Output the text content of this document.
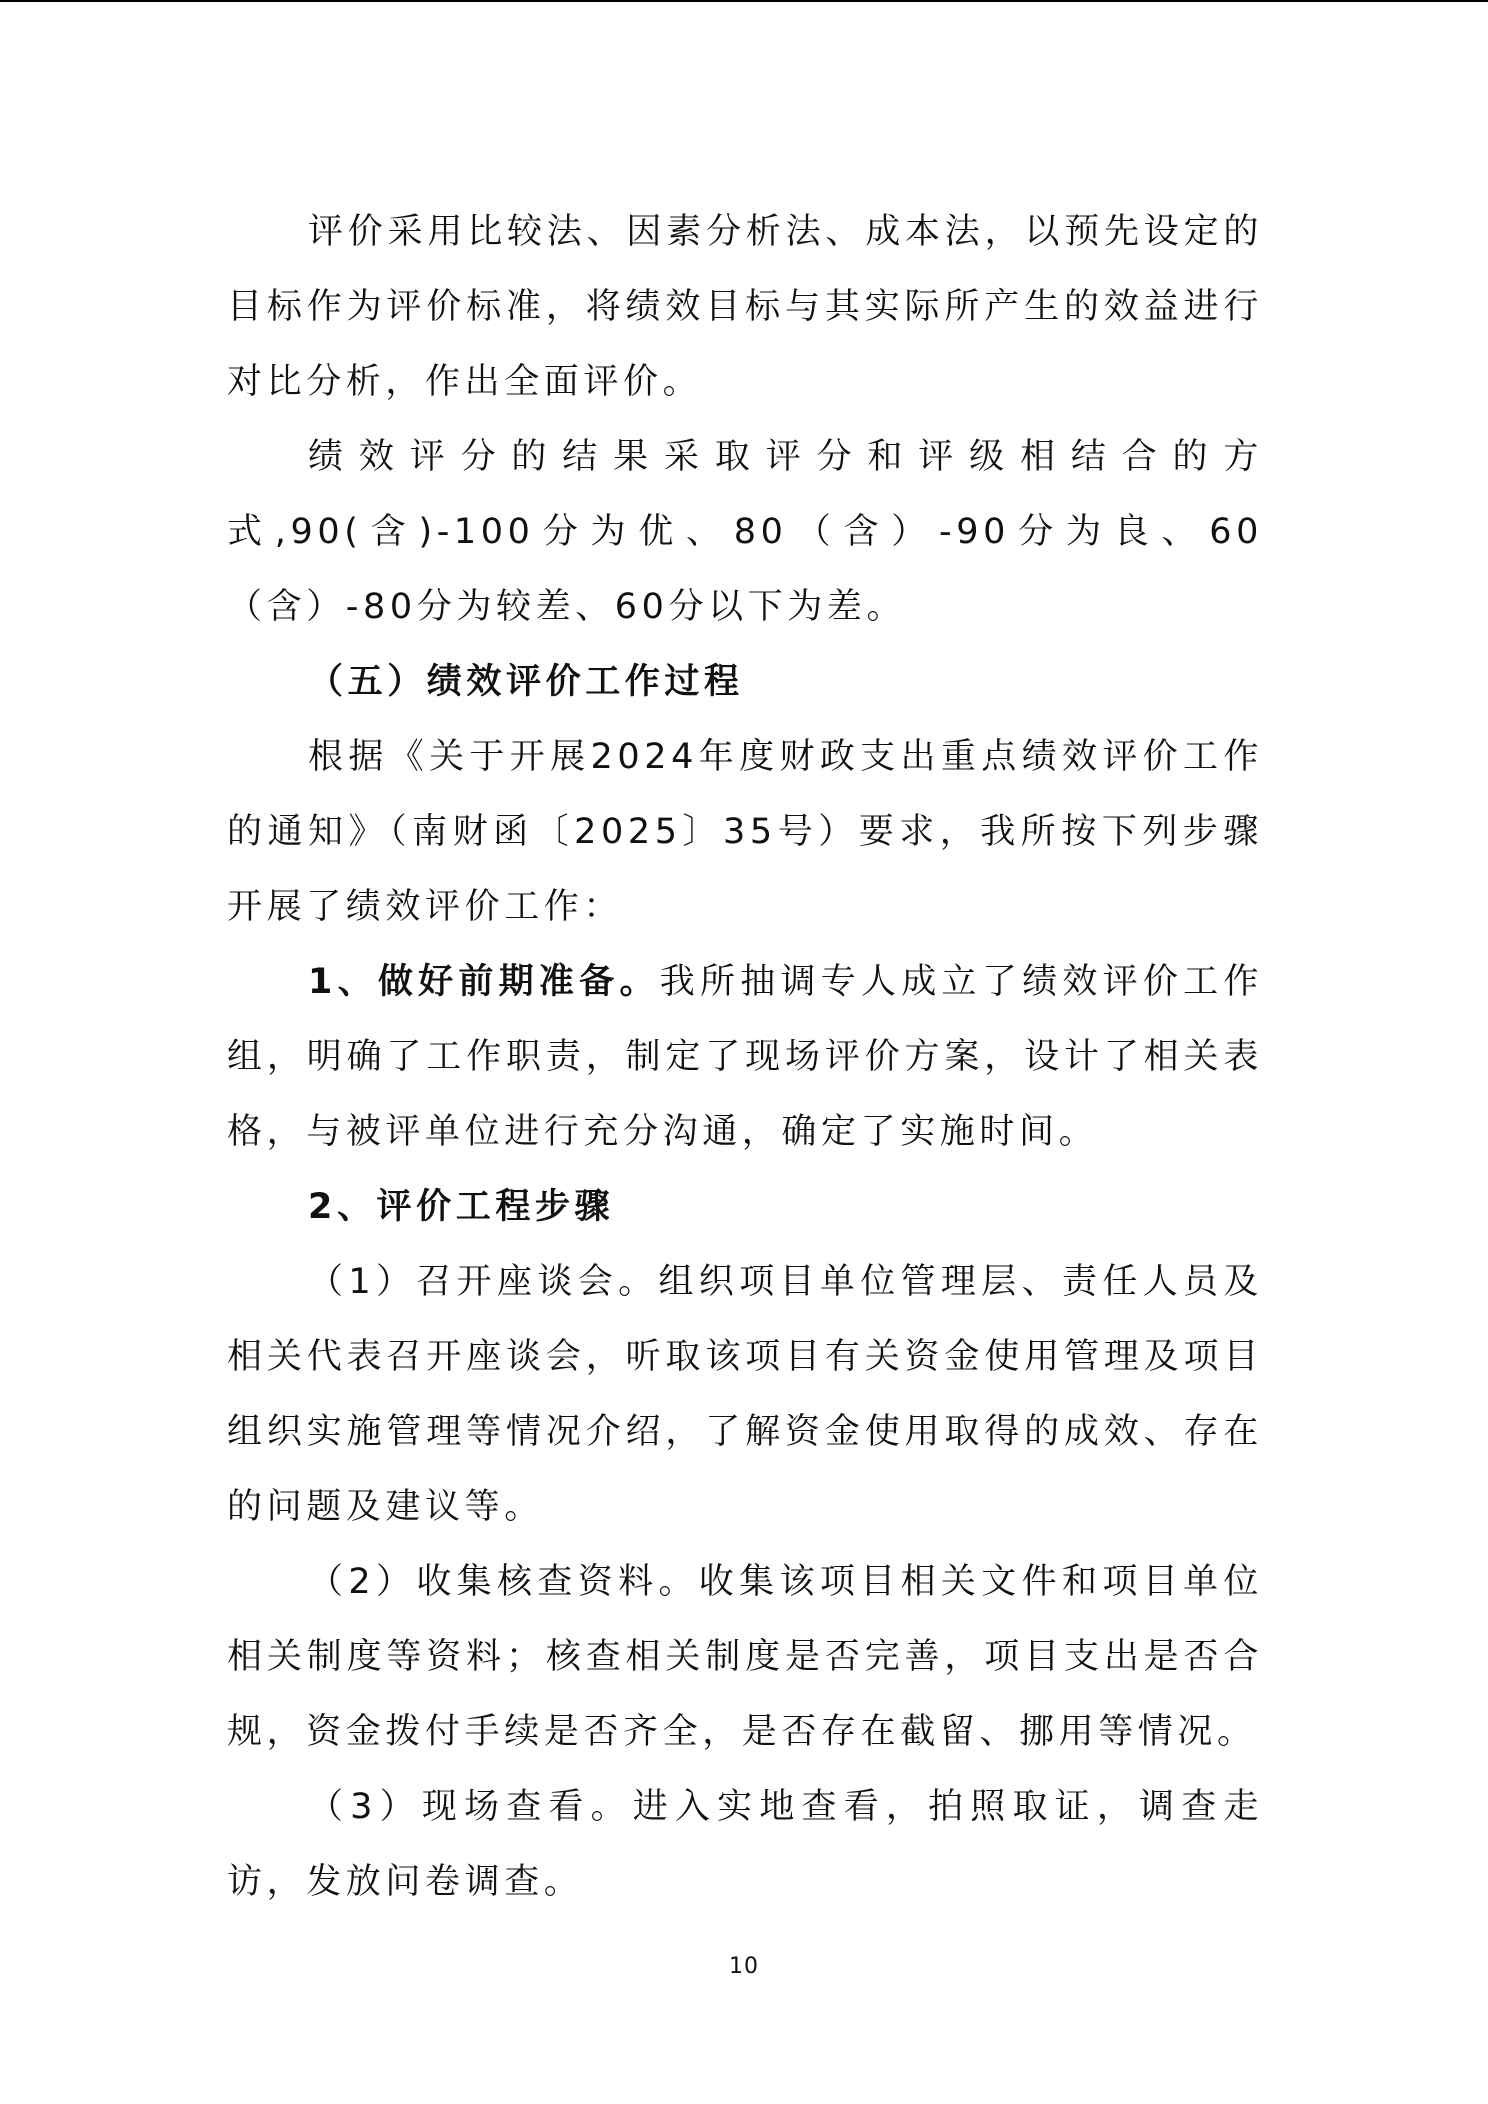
评价采用比较法、因素分析法、成本法，以预先设定的目标作为评价标准，将绩效目标与其实际所产生的效益进行对比分析，作出全面评价。

绩效评分的结果采取评分和评级相结合的方式,90(含)-100分为优、80（含）-90分为良、60（含）-80分为较差、60分以下为差。

（五）绩效评价工作过程

根据《关于开展2024年度财政支出重点绩效评价工作的通知》（南财函〔2025〕35号）要求，我所按下列步骤开展了绩效评价工作：

1、做好前期准备。我所抽调专人成立了绩效评价工作组，明确了工作职责，制定了现场评价方案，设计了相关表格，与被评单位进行充分沟通，确定了实施时间。

2、评价工程步骤

（1）召开座谈会。组织项目单位管理层、责任人员及相关代表召开座谈会，听取该项目有关资金使用管理及项目组织实施管理等情况介绍，了解资金使用取得的成效、存在的问题及建议等。

（2）收集核查资料。收集该项目相关文件和项目单位相关制度等资料；核查相关制度是否完善，项目支出是否合规，资金拨付手续是否齐全，是否存在截留、挪用等情况。

（3）现场查看。进入实地查看，拍照取证，调查走访，发放问卷调查。

10
